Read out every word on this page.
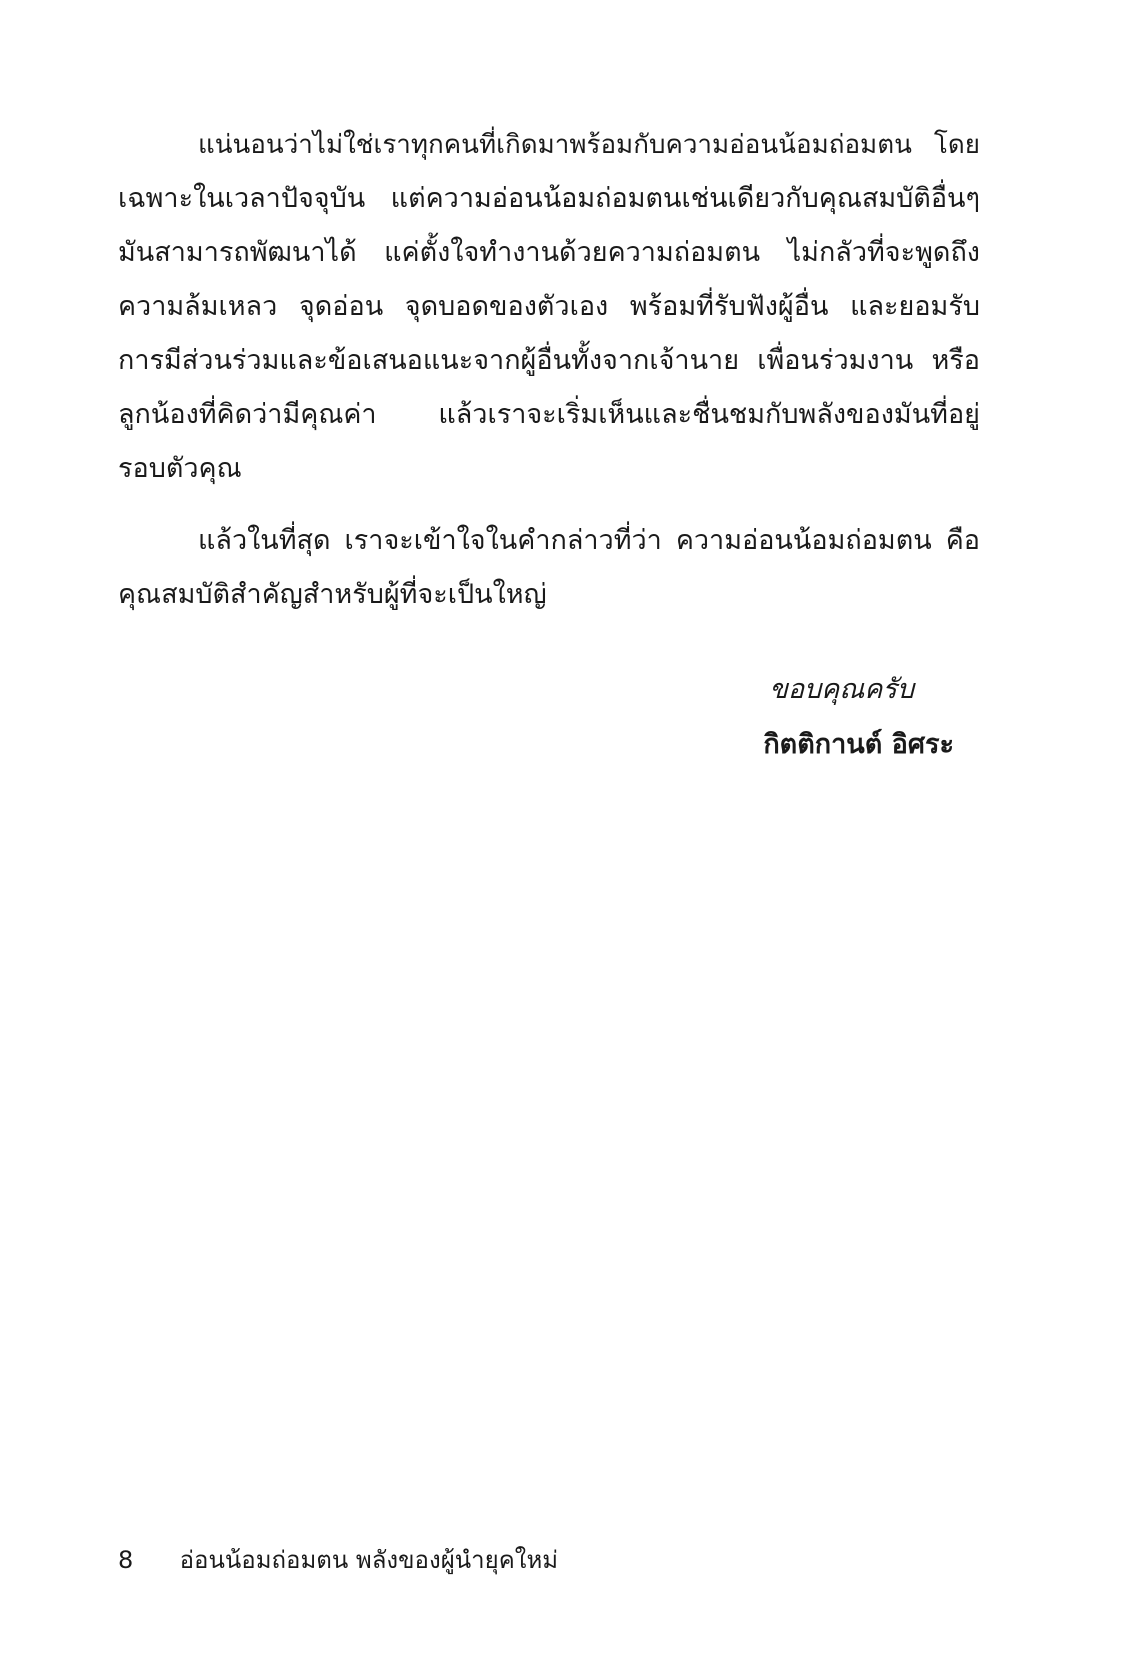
แน่นอนว่าไม่ใช่เราทุกคนที่เกิดมาพร้อมกับความอ่อนน้อมถ่อมตน โดย
เฉพาะในเวลาปัจจุบัน แต่ความอ่อนน้อมถ่อมตนเช่นเดียวกับคุณสมบัติอื่นๆ
มันสามารถพัฒนาได้ แค่ตั้งใจทำงานด้วยความถ่อมตน ไม่กลัวที่จะพูดถึง
ความล้มเหลว จุดอ่อน จุดบอดของตัวเอง พร้อมที่รับฟังผู้อื่น และยอมรับ
การมีส่วนร่วมและข้อเสนอแนะจากผู้อื่นทั้งจากเจ้านาย เพื่อนร่วมงาน หรือ
ลูกน้องที่คิดว่ามีคุณค่า แล้วเราจะเริ่มเห็นและชื่นชมกับพลังของมันที่อยู่
รอบตัวคุณ
แล้วในที่สุด เราจะเข้าใจในคำกล่าวที่ว่า ความอ่อนน้อมถ่อมตน คือ
คุณสมบัติสำคัญสำหรับผู้ที่จะเป็นใหญ่
ขอบคุณครับ
กิตติกานต์ อิศระ
8 อ่อนน้อมถ่อมตน พลังของผู้นำยุคใหม่
